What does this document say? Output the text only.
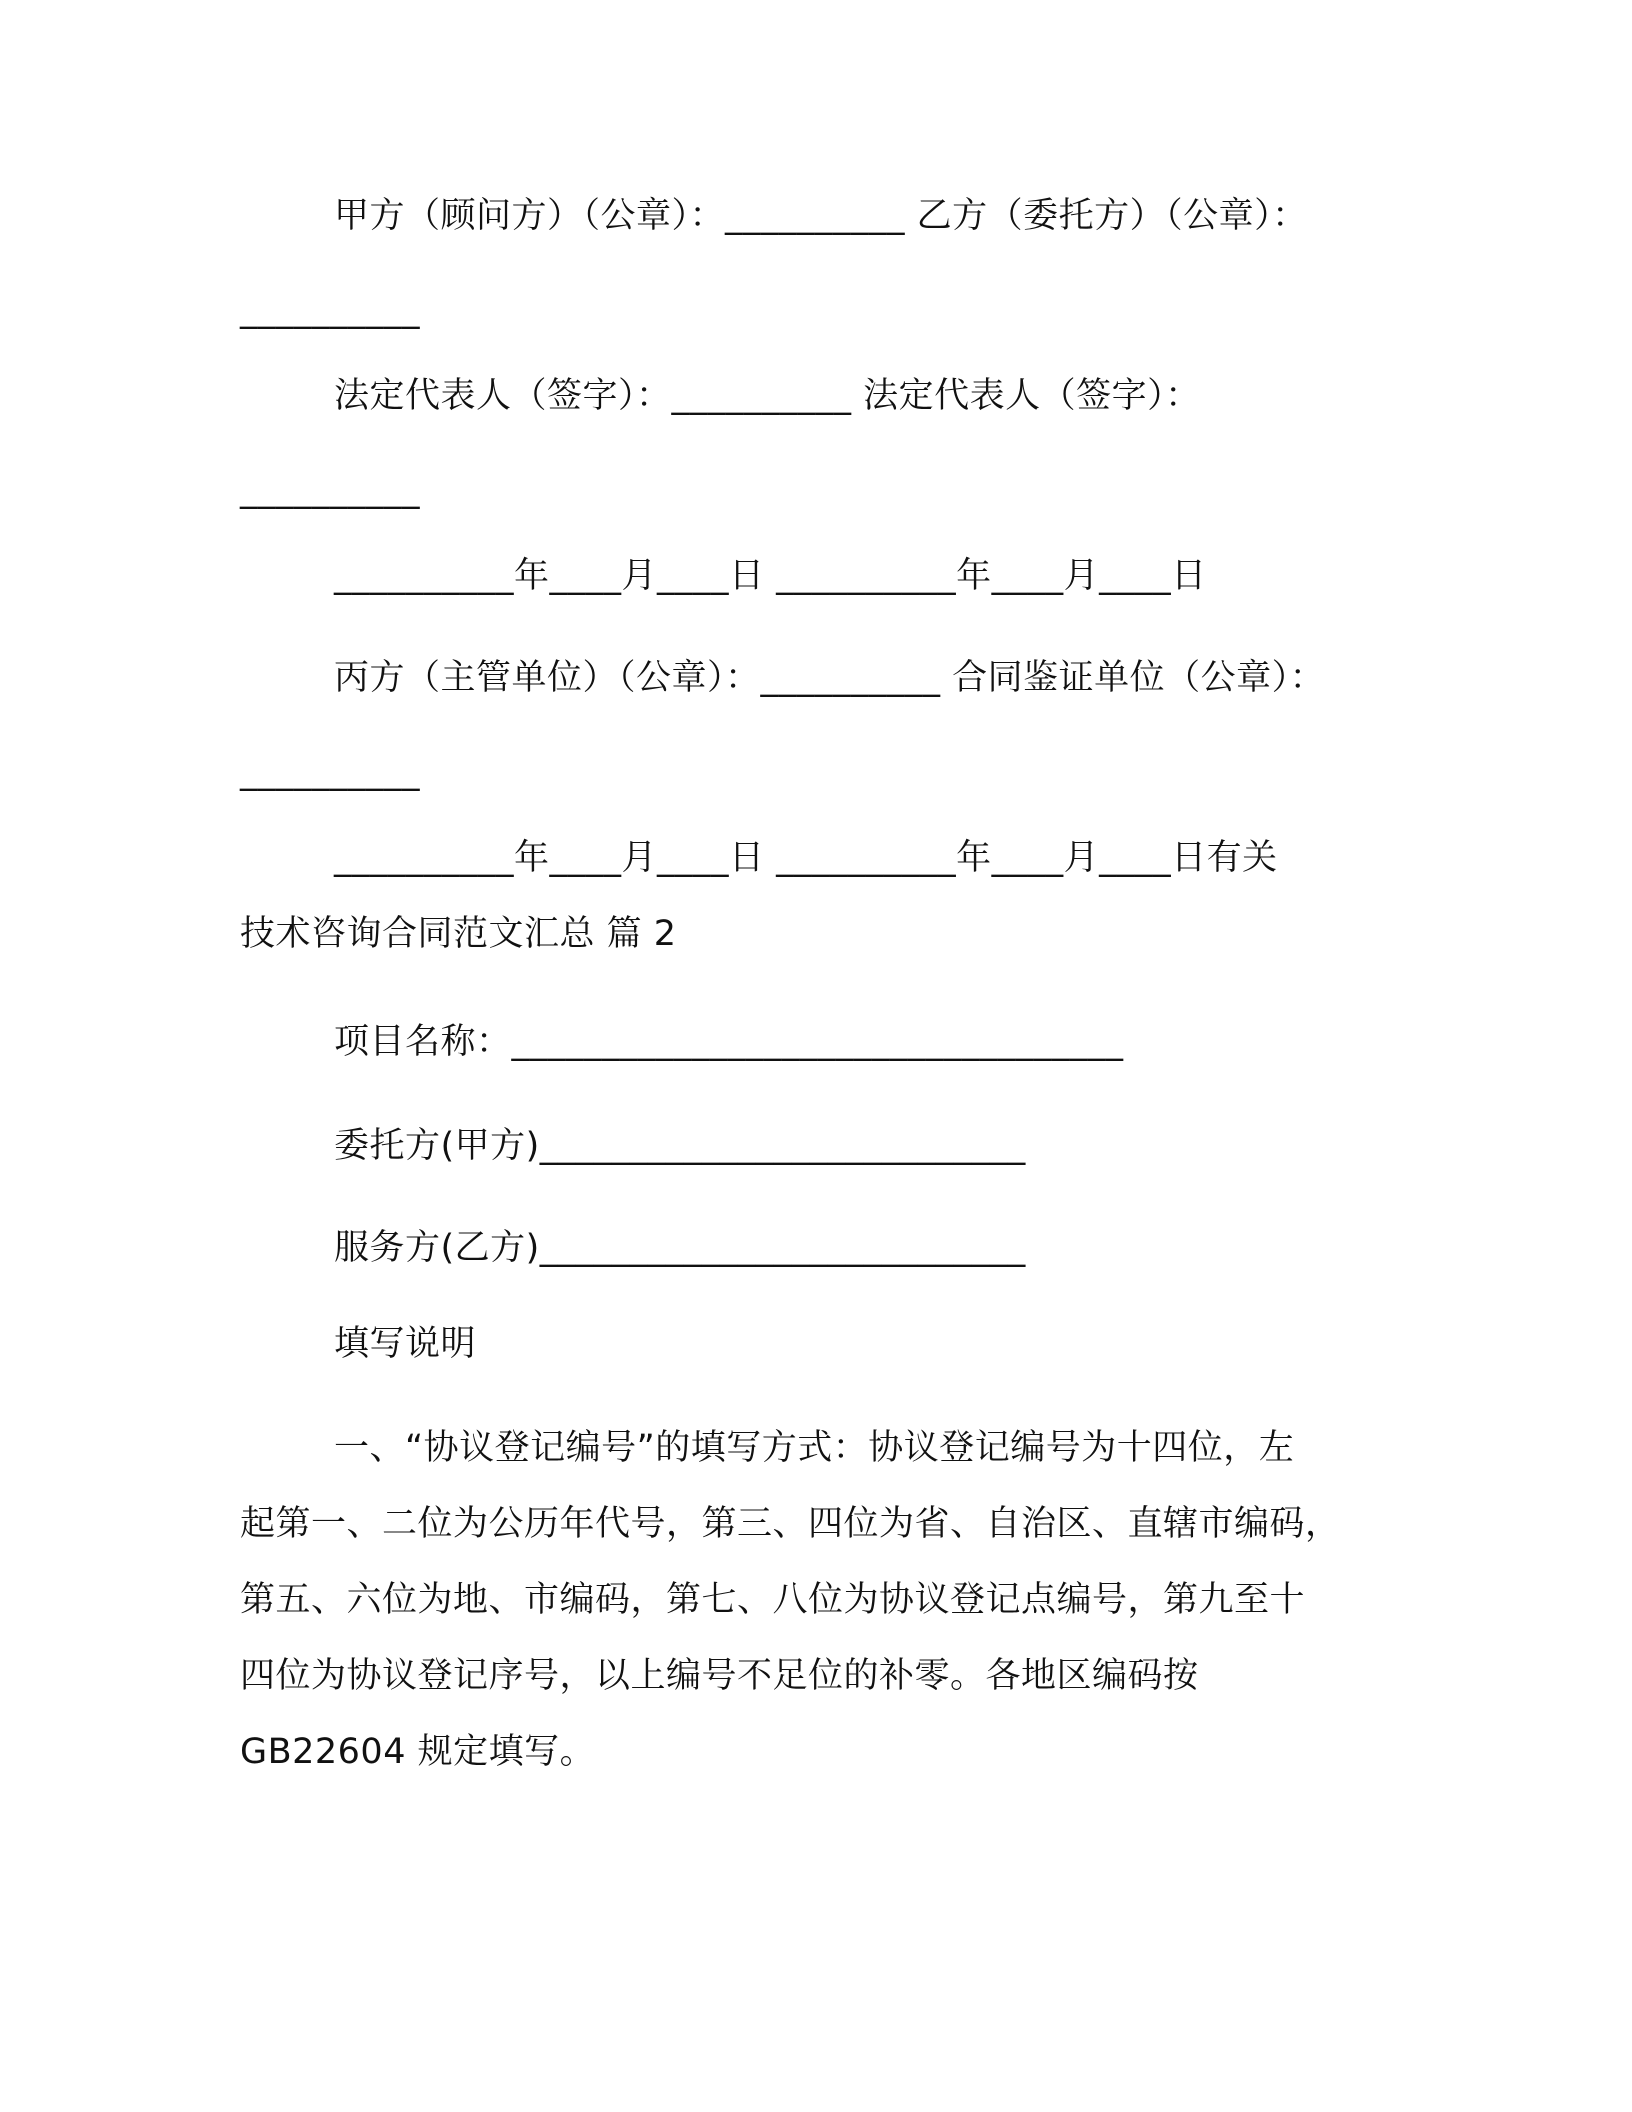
甲方（顾问方）（公章）：__________ 乙方（委托方）（公章）：
__________
法定代表人（签字）：__________ 法定代表人（签字）：
__________
__________年____月____日 __________年____月____日
丙方（主管单位）（公章）：__________ 合同鉴证单位（公章）：
__________
__________年____月____日 __________年____月____日有关
技术咨询合同范文汇总 篇 2
项目名称：__________________________________
委托方(甲方)___________________________
服务方(乙方)___________________________
填写说明
一、“协议登记编号”的填写方式：协议登记编号为十四位，左
起第一、二位为公历年代号，第三、四位为省、自治区、直辖市编码，
第五、六位为地、市编码，第七、八位为协议登记点编号，第九至十
四位为协议登记序号，以上编号不足位的补零。各地区编码按
GB22604 规定填写。
